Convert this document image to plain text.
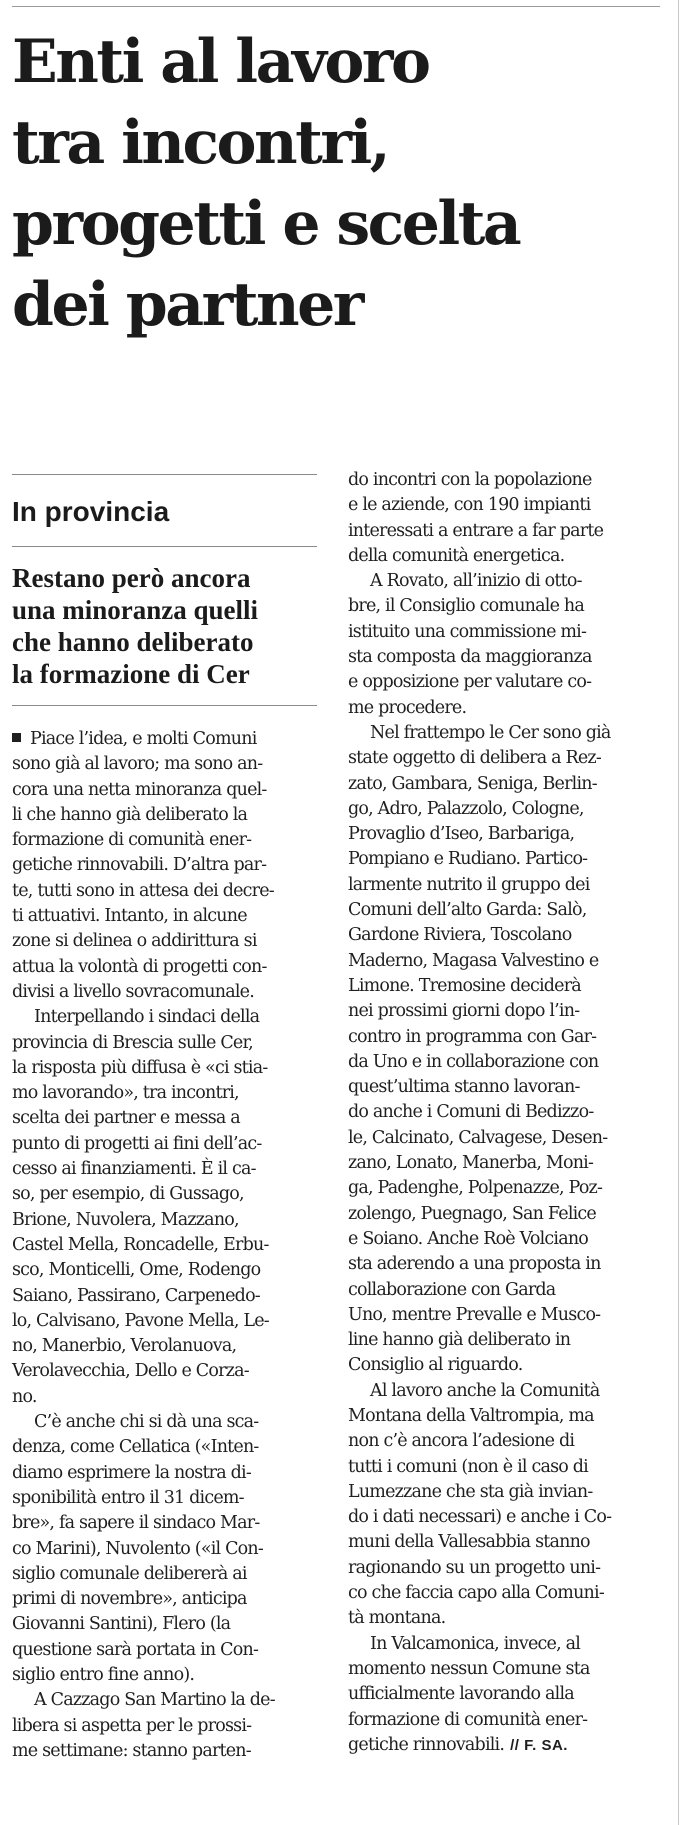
Enti al lavoro
tra incontri,
progetti e scelta
dei partner
In provincia
Restano però ancora
una minoranza quelli
che hanno deliberato
la formazione di Cer

Piace l’idea, e molti Comuni
sono già al lavoro; ma sono an-
cora una netta minoranza quel-
li che hanno già deliberato la
formazione di comunità ener-
getiche rinnovabili. D’altra par-
te, tutti sono in attesa dei decre-
ti attuativi. Intanto, in alcune
zone si delinea o addirittura si
attua la volontà di progetti con-
divisi a livello sovracomunale.

Interpellando i sindaci della
provincia di Brescia sulle Cer,
la risposta più diffusa è «ci stia-
mo lavorando», tra incontri,
scelta dei partner e messa a
punto di progetti ai fini dell’ac-
cesso ai finanziamenti. È il ca-
so, per esempio, di Gussago,
Brione, Nuvolera, Mazzano,
Castel Mella, Roncadelle, Erbu-
sco, Monticelli, Ome, Rodengo
Saiano, Passirano, Carpenedo-
lo, Calvisano, Pavone Mella, Le-
no, Manerbio, Verolanuova,
Verolavecchia, Dello e Corza-
no.

C’è anche chi si dà una sca-
denza, come Cellatica («Inten-
diamo esprimere la nostra di-
sponibilità entro il 31 dicem-
bre», fa sapere il sindaco Mar-
co Marini), Nuvolento («il Con-
siglio comunale delibererà ai
primi di novembre», anticipa
Giovanni Santini), Flero (la
questione sarà portata in Con-
siglio entro fine anno).

A Cazzago San Martino la de-
libera si aspetta per le prossi-
me settimane: stanno parten-

do incontri con la popolazione
e le aziende, con 190 impianti
interessati a entrare a far parte
della comunità energetica.

A Rovato, all’inizio di otto-
bre, il Consiglio comunale ha
istituito una commissione mi-
sta composta da maggioranza
e opposizione per valutare co-
me procedere.

Nel frattempo le Cer sono già
state oggetto di delibera a Rez-
zato, Gambara, Seniga, Berlin-
go, Adro, Palazzolo, Cologne,
Provaglio d’Iseo, Barbariga,
Pompiano e Rudiano. Partico-
larmente nutrito il gruppo dei
Comuni dell’alto Garda: Salò,
Gardone Riviera, Toscolano
Maderno, Magasa Valvestino e
Limone. Tremosine deciderà
nei prossimi giorni dopo l’in-
contro in programma con Gar-
da Uno e in collaborazione con
quest’ultima stanno lavoran-
do anche i Comuni di Bedizzo-
le, Calcinato, Calvagese, Desen-
zano, Lonato, Manerba, Moni-
ga, Padenghe, Polpenazze, Poz-
zolengo, Puegnago, San Felice
e Soiano. Anche Roè Volciano
sta aderendo a una proposta in
collaborazione con Garda
Uno, mentre Prevalle e Musco-
line hanno già deliberato in
Consiglio al riguardo.

Al lavoro anche la Comunità
Montana della Valtrompia, ma
non c’è ancora l’adesione di
tutti i comuni (non è il caso di
Lumezzane che sta già invian-
do i dati necessari) e anche i Co-
muni della Vallesabbia stanno
ragionando su un progetto uni-
co che faccia capo alla Comuni-
tà montana.

In Valcamonica, invece, al
momento nessun Comune sta
ufficialmente lavorando alla
formazione di comunità ener-
getiche rinnovabili. // F. SA.
